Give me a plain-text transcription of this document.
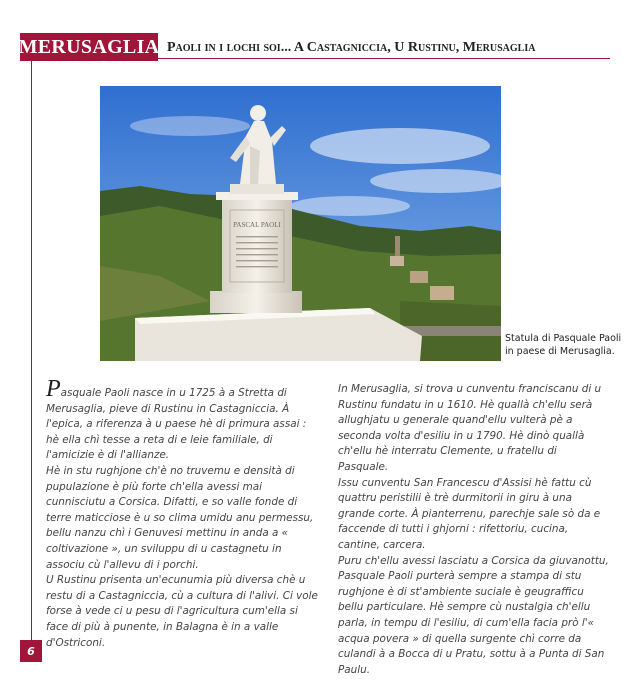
MERUSAGLIA Paoli in i lochi soi... A Castagniccia, U Rustinu, Merusaglia
PASCAL PAOLI
Statula di Pasquale Paoli in paese di Merusaglia.

Pasquale Paoli nasce in u 1725 à a Stretta di Merusaglia, pieve di Rustinu in Castagniccia. À l'epica, a riferenza à u paese hè di primura assai : hè ella chì tesse a reta di e leie familiale, di l'amicizie è di l'allianze.

Hè in stu rughjone ch'è no truvemu e densità di pupulazione è più forte ch'ella avessi mai cunnisciutu a Corsica. Difatti, e so valle fonde di terre maticciose è u so clima umidu anu permessu, bellu nanzu chì i Genuvesi mettinu in anda a « coltivazione », un sviluppu di u castagnetu in associu cù l'allevu di i porchi.

U Rustinu prisenta un'ecunumia più diversa chè u restu di a Castagniccia, cù a cultura di l'alivi. Ci vole forse à vede ci u pesu di l'agricultura cum'ella si face di più à punente, in Balagna è in a valle d'Ostriconi.

In Merusaglia, si trova u cunventu franciscanu di u Rustinu fundatu in u 1610. Hè quallà ch'ellu serà allughjatu u generale quand'ellu vulterà pè a seconda volta d'esiliu in u 1790. Hè dinò quallà ch'ellu hè interratu Clemente, u fratellu di Pasquale.

Issu cunventu San Francescu d'Assisi hè fattu cù quattru peristilii è trè durmitorii in giru à una grande corte. À pianterrenu, parechje sale sò da e faccende di tutti i ghjorni : rifettoriu, cucina, cantine, carcera.

Puru ch'ellu avessi lasciatu a Corsica da giuvanottu, Pasquale Paoli purterà sempre a stampa di stu rughjone è di st'ambiente suciale è geugrafficu bellu particulare. Hè sempre cù nustalgia ch'ellu parla, in tempu di l'esiliu, di cum'ella facia prò l'« acqua povera » di quella surgente chì corre da culandi à a Bocca di u Pratu, sottu à a Punta di San Paulu.

6
